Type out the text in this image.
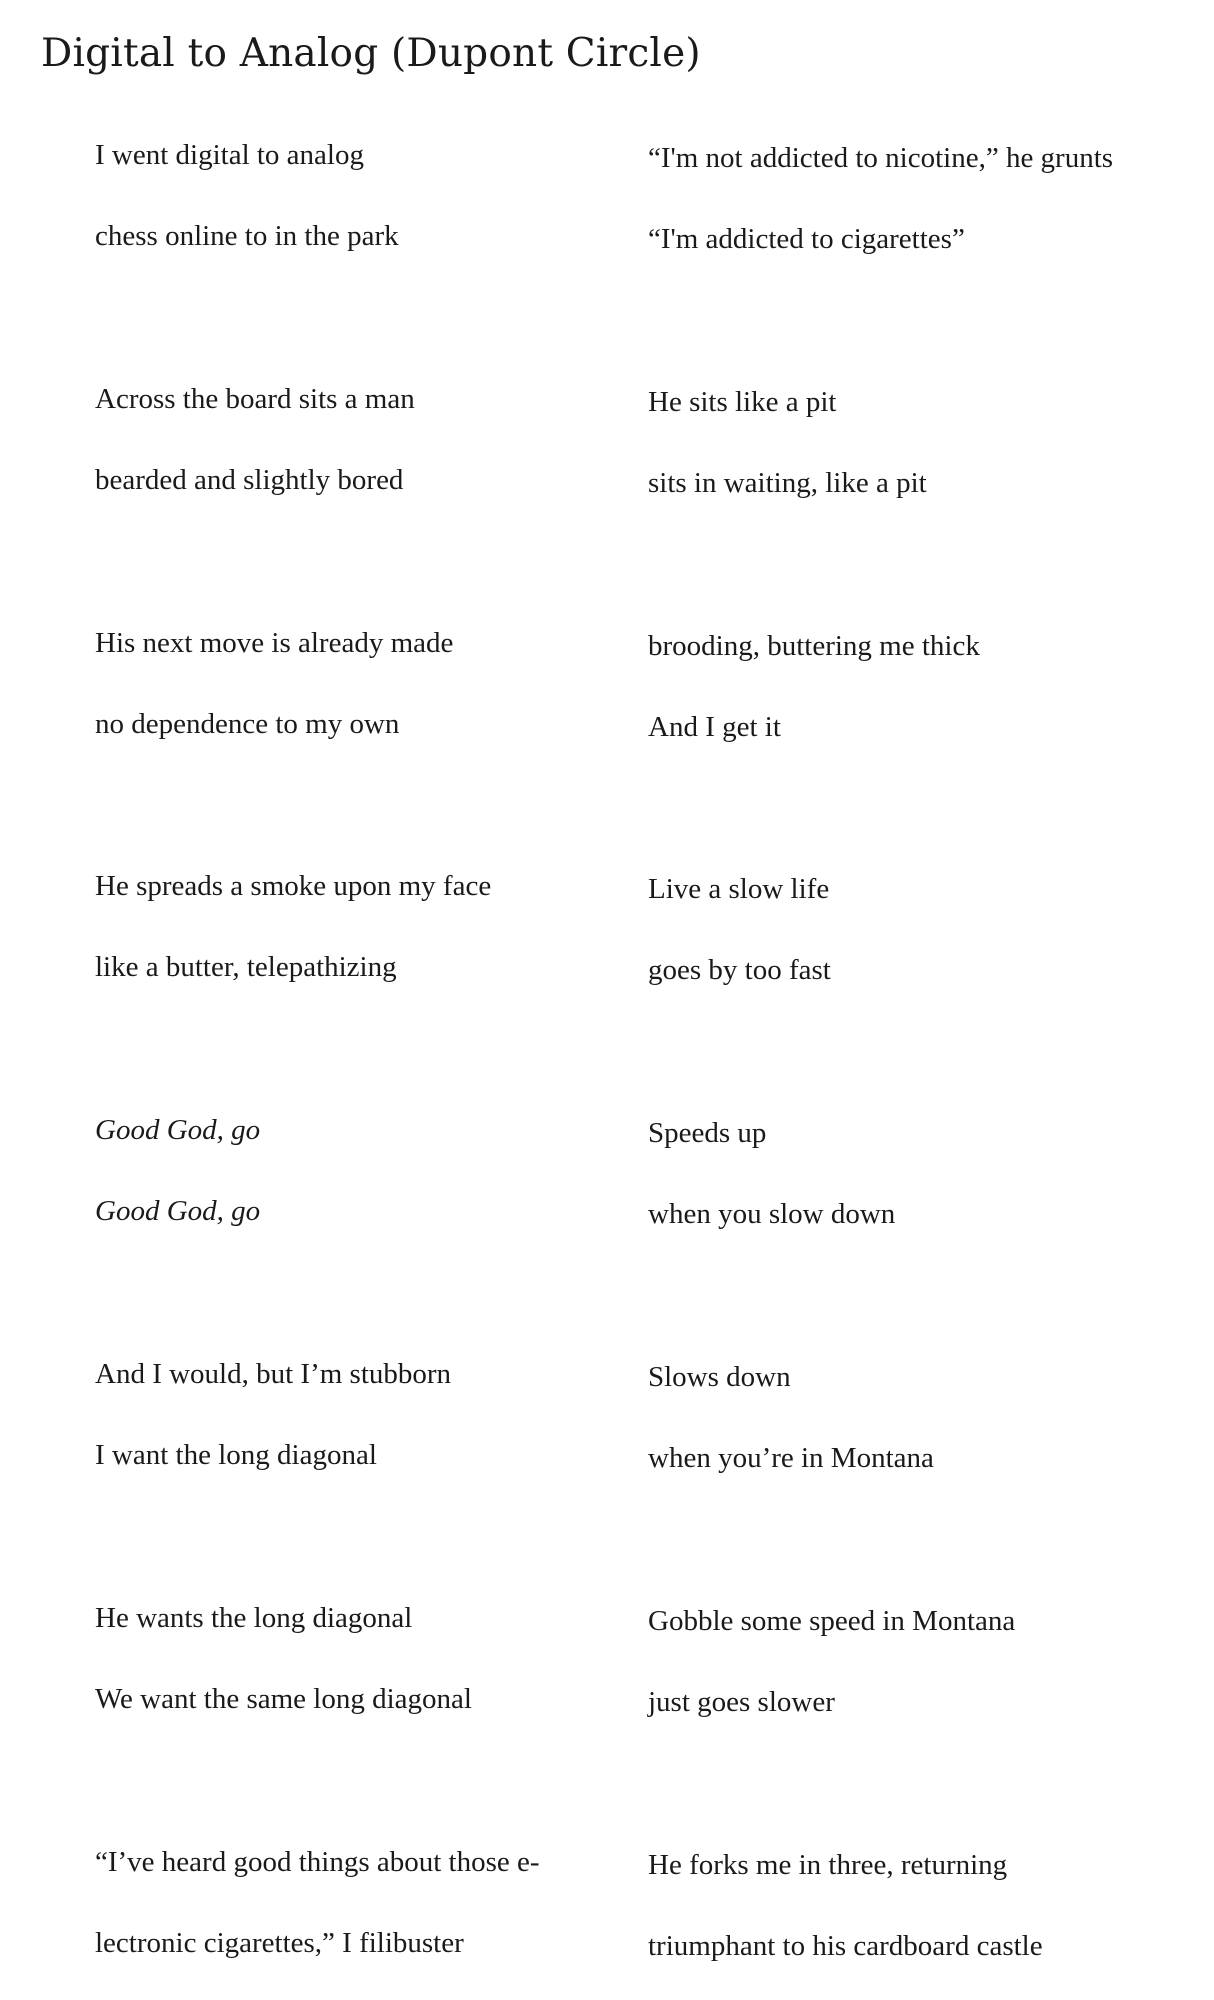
Digital to Analog (Dupont Circle)
I went digital to analog
chess online to in the park
Across the board sits a man
bearded and slightly bored
His next move is already made
no dependence to my own
He spreads a smoke upon my face
like a butter, telepathizing
Good God, go
Good God, go
And I would, but I’m stubborn
I want the long diagonal
He wants the long diagonal
We want the same long diagonal
“I’ve heard good things about those e-
lectronic cigarettes,” I filibuster
“I'm not addicted to nicotine,” he grunts
“I'm addicted to cigarettes”
He sits like a pit
sits in waiting, like a pit
brooding, buttering me thick
And I get it
Live a slow life
goes by too fast
Speeds up
when you slow down
Slows down
when you’re in Montana
Gobble some speed in Montana
just goes slower
He forks me in three, returning
triumphant to his cardboard castle
